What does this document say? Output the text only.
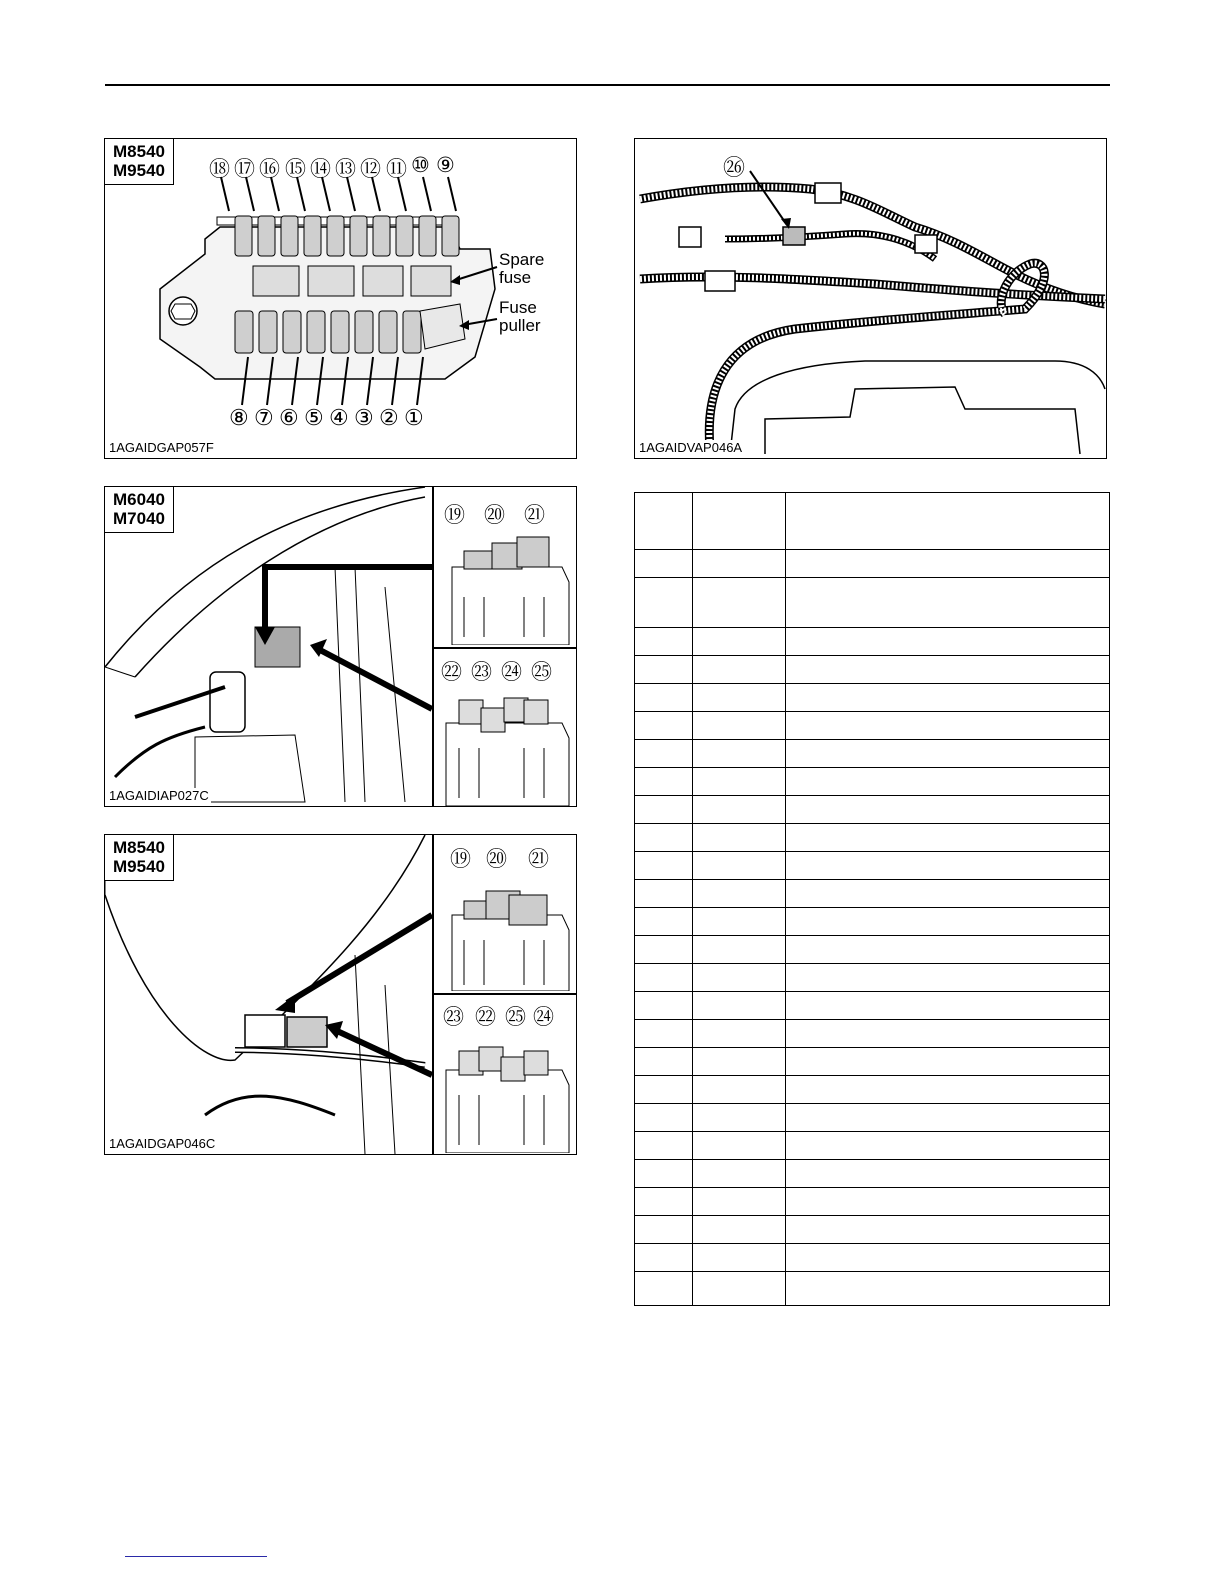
M8540
M9540 ⑱ ⑰ ⑯ ⑮ ⑭ ⑬ ⑫ ⑪ ⑩ ⑨
⑧ ⑦ ⑥ ⑤ ④ ③ ② ①
Spare
fuse
Fuse
puller
1AGAIDGAP057F
㉖
1AGAIDVAP046A
M6040
M7040	⑲ ⑳ ㉑
㉒ ㉓ ㉔ ㉕
1AGAIDIAP027C
M8540
M9540	⑲ ⑳ ㉑
㉓ ㉒ ㉕ ㉔
1AGAIDGAP046C
